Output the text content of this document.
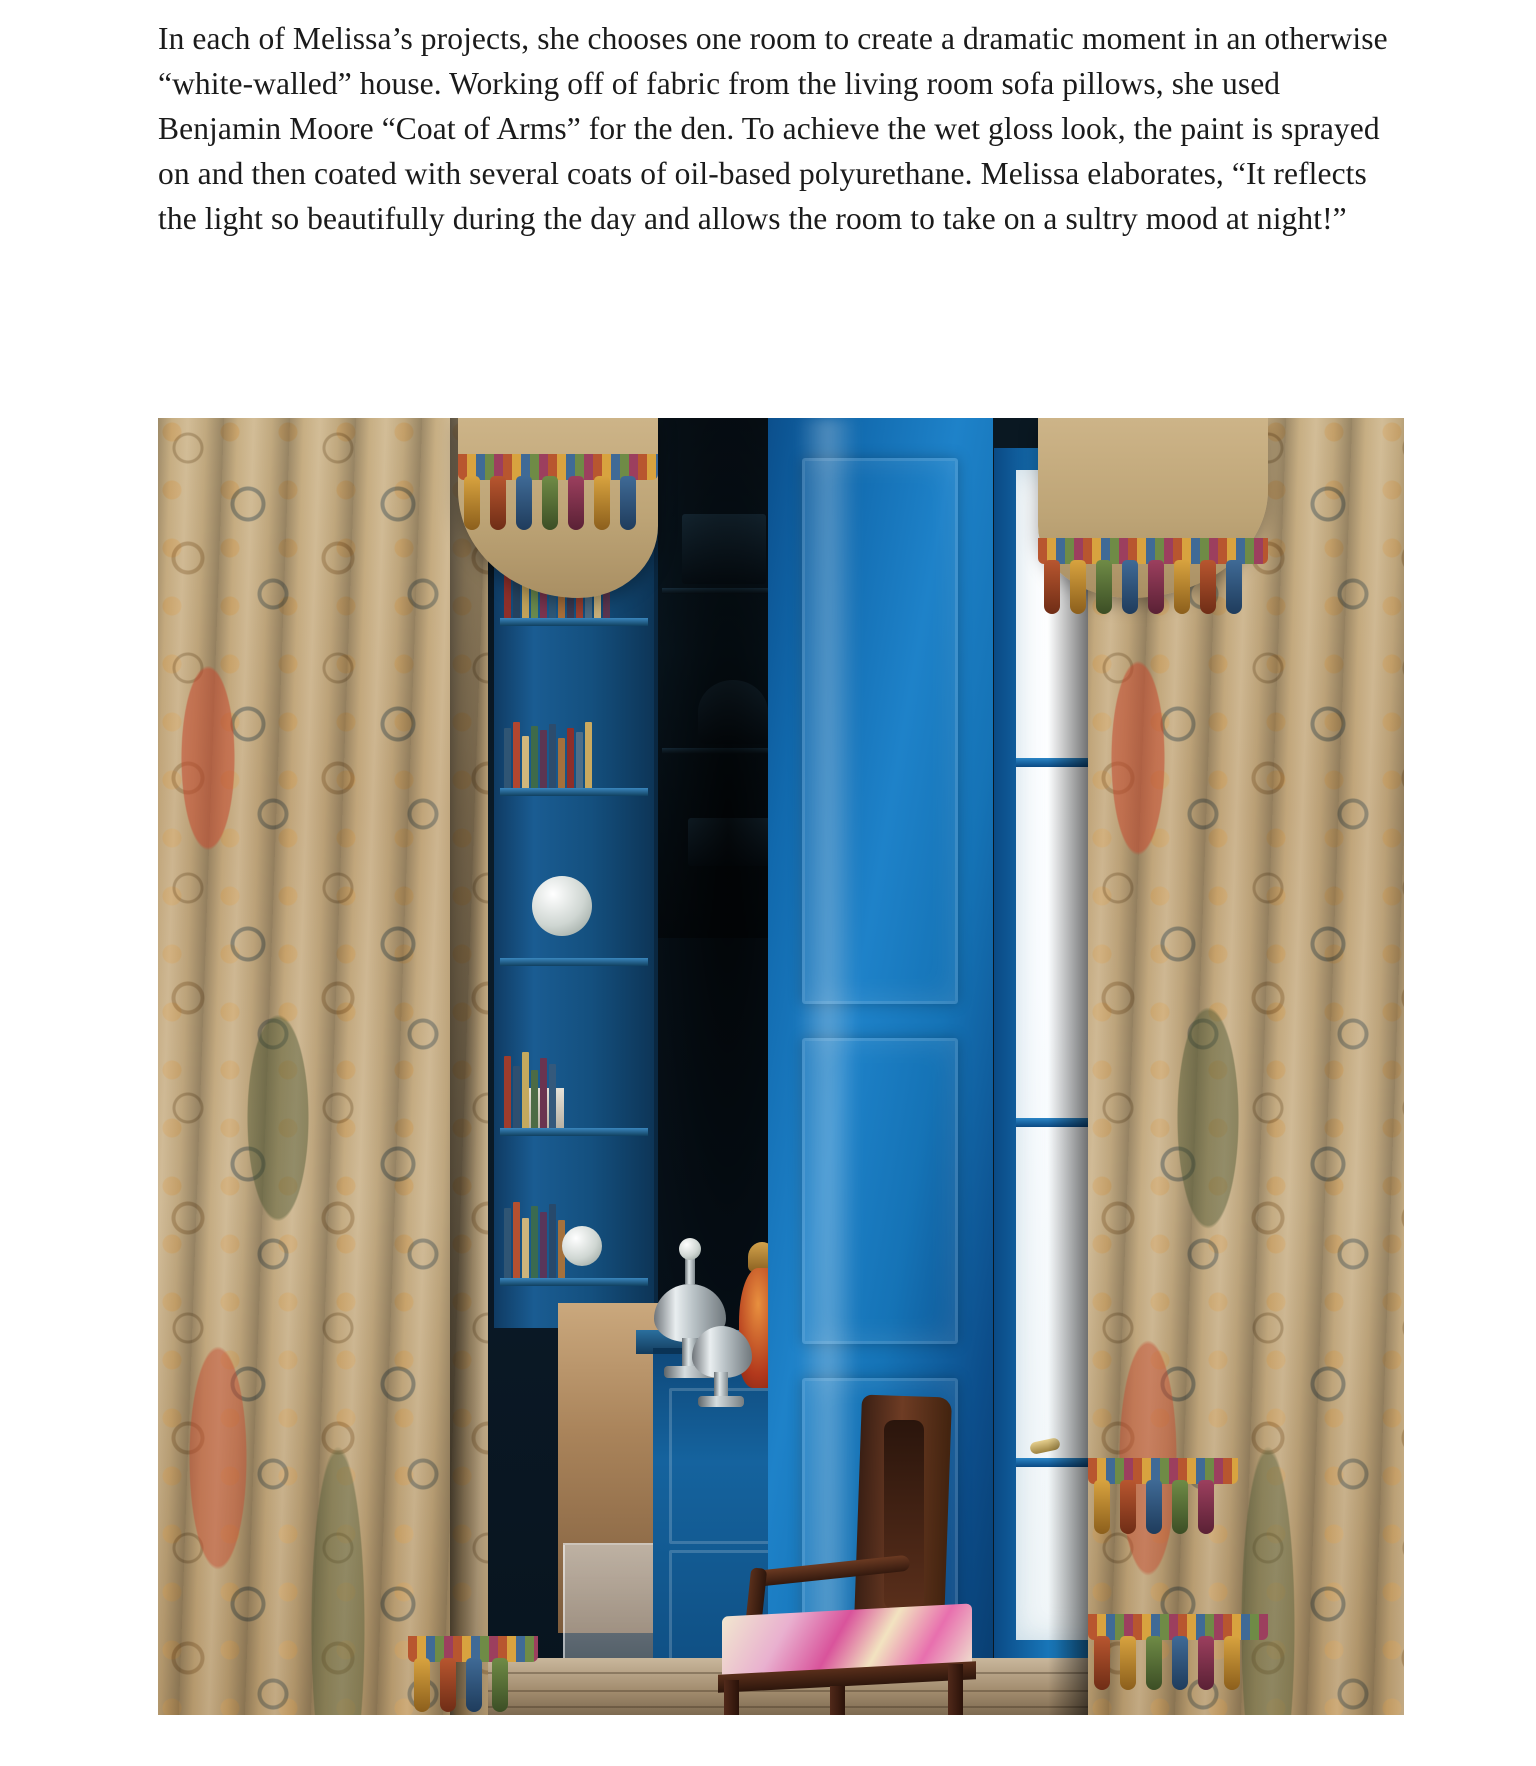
In each of Melissa’s projects, she chooses one room to create a dramatic moment in an otherwise “white-walled” house. Working off of fabric from the living room sofa pillows, she used Benjamin Moore “Coat of Arms” for the den. To achieve the wet gloss look, the paint is sprayed on and then coated with several coats of oil-based polyurethane. Melissa elaborates, “It reflects the light so beautifully during the day and allows the room to take on a sultry mood at night!”
